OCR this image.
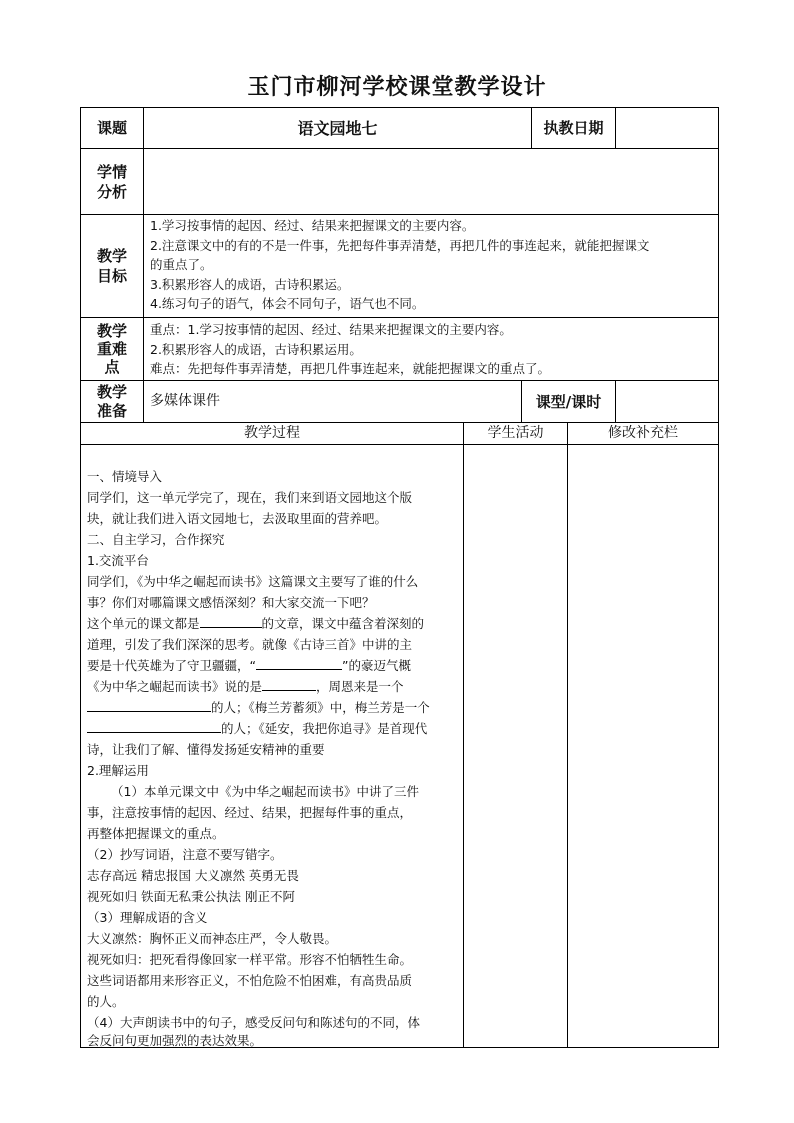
玉门市柳河学校课堂教学设计
课题	语文园地七	执教日期
学情分析
教学目标
1.学习按事情的起因、经过、结果来把握课文的主要内容。
2.注意课文中的有的不是一件事，先把每件事弄清楚，再把几件的事连起来，就能把握课文
的重点了。
3.积累形容人的成语，古诗积累运。
4.练习句子的语气，体会不同句子，语气也不同。
教学重难点
重点：1.学习按事情的起因、经过、结果来把握课文的主要内容。
2.积累形容人的成语，古诗积累运用。
难点：先把每件事弄清楚，再把几件事连起来，就能把握课文的重点了。
教学准备
多媒体课件	课型/课时
教学过程	学生活动	修改补充栏
一、情境导入
同学们，这一单元学完了，现在，我们来到语文园地这个版
块，就让我们进入语文园地七，去汲取里面的营养吧。
二、自主学习，合作探究
1.交流平台
同学们，《为中华之崛起而读书》这篇课文主要写了谁的什么
事？你们对哪篇课文感悟深刻？和大家交流一下吧？
这个单元的课文都是	的文章，课文中蕴含着深刻的
道理，引发了我们深深的思考。就像《古诗三首》中讲的主
要是十代英雄为了守卫疆疆，“	”的豪迈气概
《为中华之崛起而读书》说的是	，周恩来是一个
的人；《梅兰芳蓄须》中，梅兰芳是一个
的人；《延安，我把你追寻》是首现代
诗，让我们了解、懂得发扬延安精神的重要
2.理解运用
（1）本单元课文中《为中华之崛起而读书》中讲了三件
事，注意按事情的起因、经过、结果，把握每件事的重点，
再整体把握课文的重点。
（2）抄写词语，注意不要写错字。
志存高远 精忠报国 大义凛然 英勇无畏
视死如归 铁面无私秉公执法 刚正不阿
（3）理解成语的含义
大义凛然：胸怀正义而神态庄严，令人敬畏。
视死如归：把死看得像回家一样平常。形容不怕牺牲生命。
这些词语都用来形容正义，不怕危险不怕困难，有高贵品质
的人。
（4）大声朗读书中的句子，感受反问句和陈述句的不同，体
会反问句更加强烈的表达效果。
